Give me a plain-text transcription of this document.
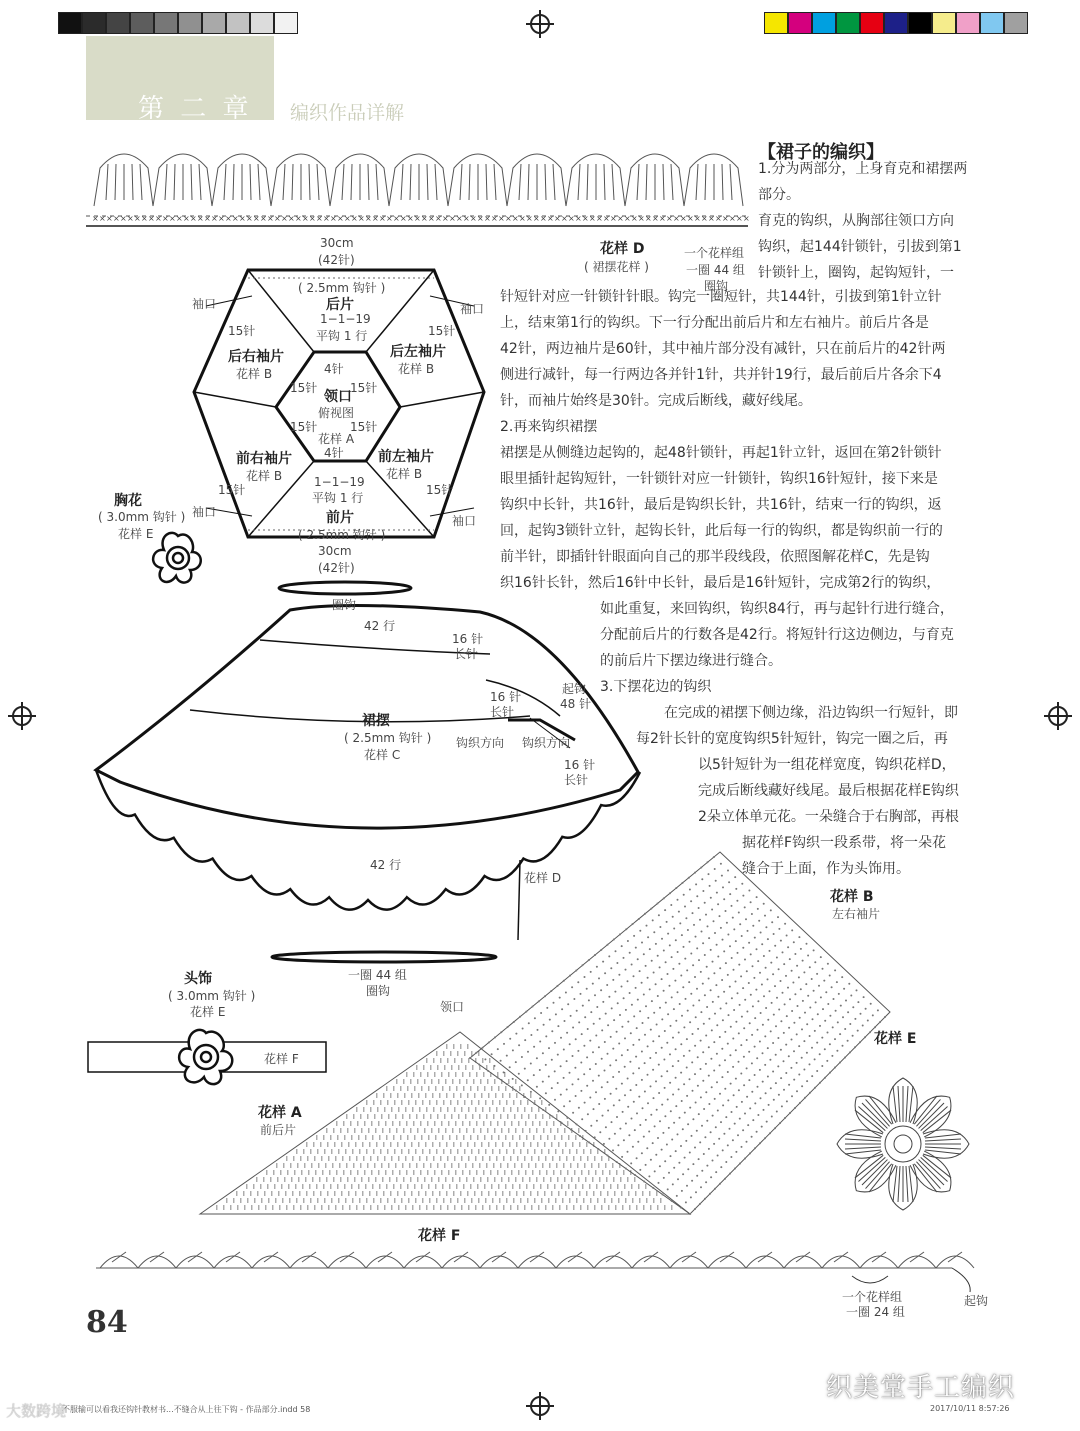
第 二 章 编织作品详解
【裙子的编织】
1.分为两部分，上身育克和裙摆两
部分。
育克的钩织，从胸部往领口方向
钩织，起144针锁针，引拔到第1
针锁针上，圈钩，起钩短针，一
针短针对应一针锁针针眼。钩完一圈短针，共144针，引拔到第1针立针
上，结束第1行的钩织。下一行分配出前后片和左右袖片。前后片各是
42针，两边袖片是60针，其中袖片部分没有减针，只在前后片的42针两
侧进行减针，每一行两边各并针1针，共并针19行，最后前后片各余下4
针，而袖片始终是30针。完成后断线，藏好线尾。
2.再来钩织裙摆
裙摆是从侧缝边起钩的，起48针锁针，再起1针立针，返回在第2针锁针
眼里插针起钩短针，一针锁针对应一针锁针，钩织16针短针，接下来是
钩织中长针，共16针，最后是钩织长针，共16针，结束一行的钩织，返
回，起钩3锁针立针，起钩长针，此后每一行的钩织，都是钩织前一行的
前半针，即插针针眼面向自己的那半段线段，依照图解花样C，先是钩
织16针长针，然后16针中长针，最后是16针短针，完成第2行的钩织，
如此重复，来回钩织，钩织84行，再与起针行进行缝合，
分配前后片的行数各是42行。将短针行这边侧边，与育克
的前后片下摆边缘进行缝合。
3.下摆花边的钩织
在完成的裙摆下侧边缘，沿边钩织一行短针，即
每2针长针的宽度钩织5针短针，钩完一圈之后，再
以5针短针为一组花样宽度，钩织花样D，
完成后断线藏好线尾。最后根据花样E钩织
2朵立体单元花。一朵缝合于右胸部，再根
据花样F钩织一段系带，将一朵花
缝合于上面，作为头饰用。
× × × × × × × × × × × × × × × × × × × × × × × × × × × × × × × × × × × × × × × × × × × × × × × × × × × × × × × × × × × × × × × × × × × × × × × × × × × × × × × × × × × × × × × × × × × × × ×
花样 D
( 裙摆花样 )
一个花样组
一圈 44 组
圈钩
30cm
(42针)
( 2.5mm 钩针 )
后片
1−1−19
平钩 1 行
袖口	袖口
15针	15针
后右袖片
花样 B
后左袖片
花样 B
4针
15针	15针
领口
俯视图
15针	15针
花样 A
4针
前右袖片
花样 B
前左袖片
花样 B
15针	15针
1−1−19
平钩 1 行
袖口
袖口
前片
( 2.5mm 钩针 )
30cm
(42针)
胸花
( 3.0mm 钩针 )
花样 E
圈钩
42 行
16 针
长针
起钩
48 针
16 针
长针
裙摆
( 2.5mm 钩针 ) 钩织方向 钩织方向
花样 C
16 针
长针
42 行
花样 D
一圈 44 组
圈钩
头饰
( 3.0mm 钩针 )
花样 E
花样 F
领口
花样 B
左右袖片
花样 E
花样 A
前后片
花样 F
一个花样组
一圈 24 组
起钩
84
不服输可以看我还钩针教材书...不缝合从上往下钩 - 作品部分.indd 58	2017/10/11 8:57:26
织美堂手工编织
大数跨境
